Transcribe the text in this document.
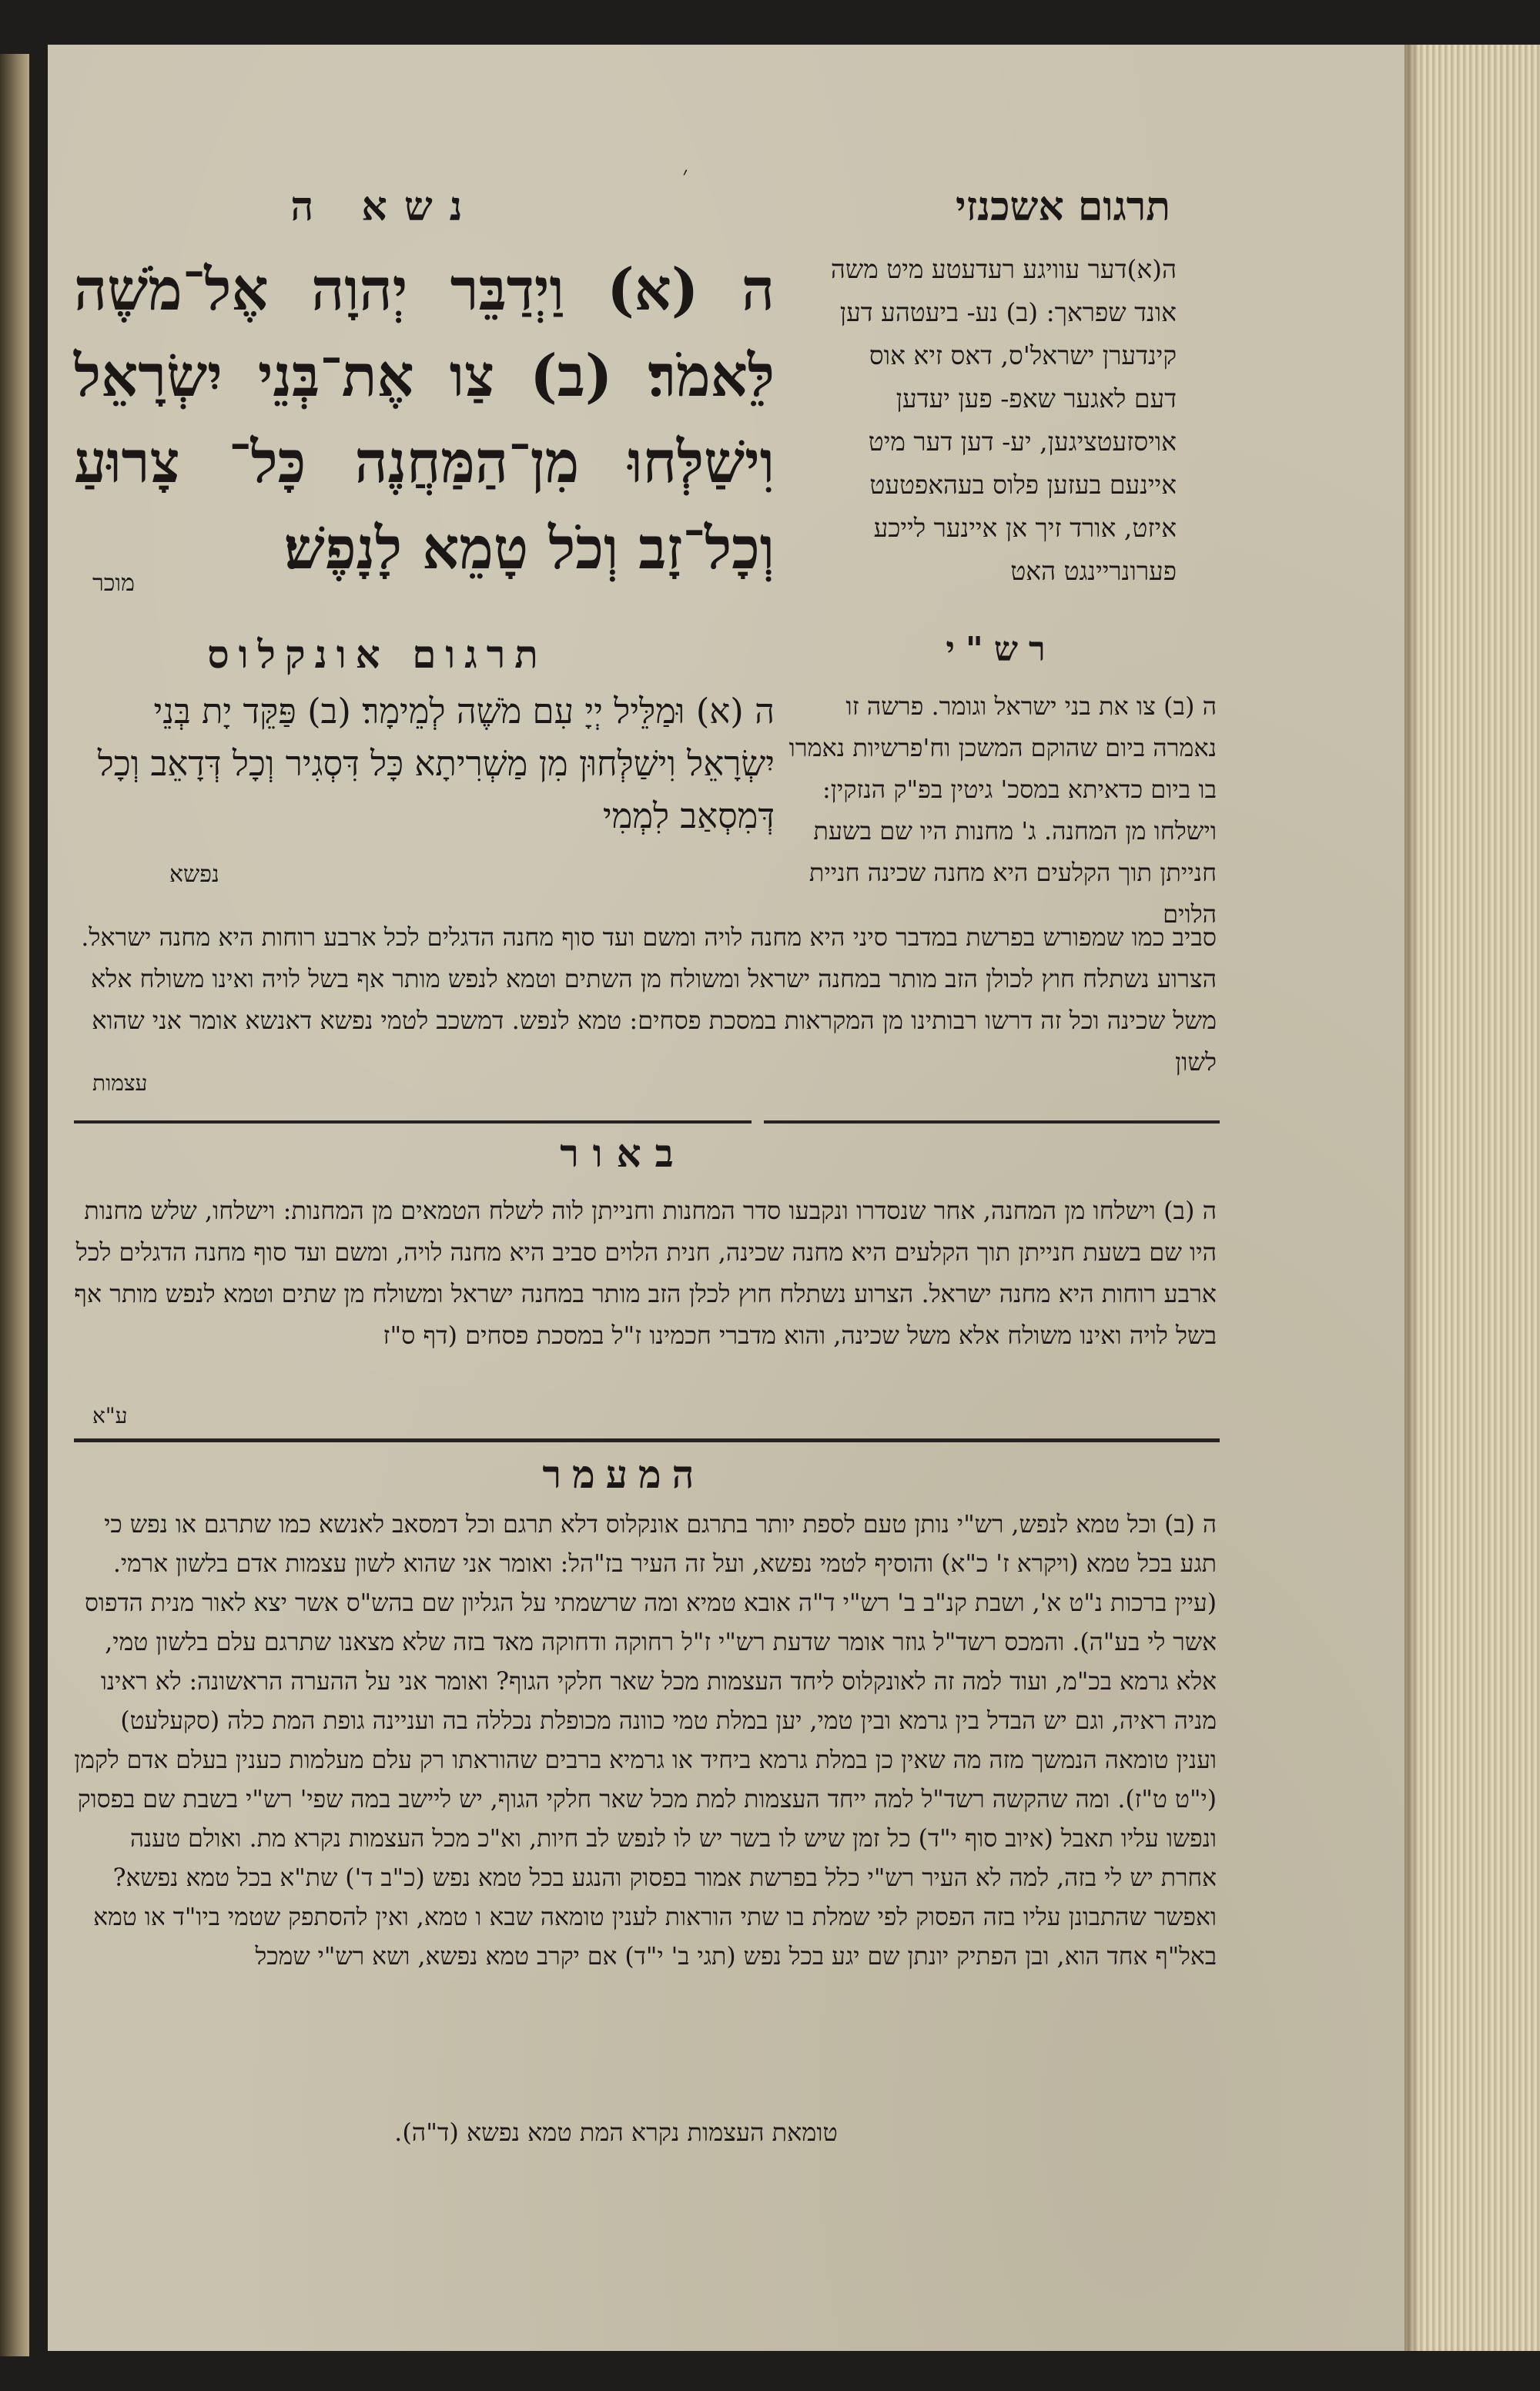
תרגום אשכנזי
נשא ה
׳
ה(א)דער עוויגע רעדעטע מיט משה אונד שפראך: (ב) נע- ביעטהע דען קינדערן ישראל'ס, דאס זיא אוס דעם לאגער שאפ- פען יעדען אויסזעטציגען, יע- דען דער מיט איינעם בעזען פלוס בעהאפטעט איזט, אורד זיך אן איינער לייכע פערונריינגט האט
ה (א) וַיְדַבֵּר יְהוָה אֶל־מֹשֶׁה לֵּאמֹר׃ (ב) צַו אֶת־בְּנֵי יִשְׂרָאֵל וִישַׁלְּחוּ מִן־הַמַּחֲנֶה כָּל־ צָרוּעַ וְכָל־זָב וְכֹל טָמֵא לָנָפֶשׁ׃
מוכר
תרגום אונקלוס
ה (א) וּמַלֵּיל יְיָ עִם מֹשֶׁה לְמֵימָר׃ (ב) פַּקֵּד יָת בְּנֵי יִשְׂרָאֵל וִישַׁלְּחוּן מִן מַשְׁרִיתָא כָּל דִּסְגִיר וְכָל דְּדָאֵב וְכָל דְּמִסְאַב לִמְמִי
נפשא
רש"י
ה (ב) צו את בני ישראל וגומר. פרשה זו נאמרה ביום שהוקם המשכן וח'פרשיות נאמרו בו ביום כדאיתא במסכ' גיטין בפ"ק הנזקין: וישלחו מן המחנה. ג' מחנות היו שם בשעת חנייתן תוך הקלעים היא מחנה שכינה חניית הלוים
סביב כמו שמפורש בפרשת במדבר סיני היא מחנה לויה ומשם ועד סוף מחנה הדגלים לכל ארבע רוחות היא מחנה ישראל. הצרוע נשתלח חוץ לכולן הזב מותר במחנה ישראל ומשולח מן השתים וטמא לנפש מותר אף בשל לויה ואינו משולח אלא משל שכינה וכל זה דרשו רבותינו מן המקראות במסכת פסחים: טמא לנפש. דמשכב לטמי נפשא דאנשא אומר אני שהוא לשון
עצמות
באור
ה (ב) וישלחו מן המחנה, אחר שנסדרו ונקבעו סדר המחנות וחנייתן לוה לשלח הטמאים מן המחנות: וישלחו, שלש מחנות היו שם בשעת חנייתן תוך הקלעים היא מחנה שכינה, חנית הלוים סביב היא מחנה לויה, ומשם ועד סוף מחנה הדגלים לכל ארבע רוחות היא מחנה ישראל. הצרוע נשתלח חוץ לכלן הזב מותר במחנה ישראל ומשולח מן שתים וטמא לנפש מותר אף בשל לויה ואינו משולח אלא משל שכינה, והוא מדברי חכמינו ז"ל במסכת פסחים (דף ס"ז
ע"א
המעמר
ה (ב) וכל טמא לנפש, רש"י נותן טעם לספת יותר בתרגם אונקלוס דלא תרגם וכל דמסאב לאנשא כמו שתרגם או נפש כי תגע בכל טמא (ויקרא ז' כ"א) והוסיף לטמי נפשא, ועל זה העיר בז"הל: ואומר אני שהוא לשון עצמות אדם בלשון ארמי. (עיין ברכות נ"ט א', ושבת קנ"ב ב' רש"י ד"ה אובא טמיא ומה שרשמתי על הגליון שם בהש"ס אשר יצא לאור מנית הדפוס אשר לי בע"ה). והמכס רשד"ל גוזר אומר שדעת רש"י ז"ל רחוקה ודחוקה מאד בזה שלא מצאנו שתרגם עלם בלשון טמי, אלא גרמא בכ"מ, ועוד למה זה לאונקלוס ליחד העצמות מכל שאר חלקי הגוף? ואומר אני על ההערה הראשונה: לא ראינו מניה ראיה, וגם יש הבדל בין גרמא ובין טמי, יען במלת טמי כוונה מכופלת נכללה בה ועניינה גופת המת כלה (סקעלעט) וענין טומאה הנמשך מזה מה שאין כן במלת גרמא ביחיד או גרמיא ברבים שהוראתו רק עלם מעלמות כענין בעלם אדם לקמן (י"ט ט"ז). ומה שהקשה רשד"ל למה ייחד העצמות למת מכל שאר חלקי הגוף, יש ליישב במה שפי' רש"י בשבת שם בפסוק ונפשו עליו תאבל (איוב סוף י"ד) כל זמן שיש לו בשר יש לו לנפש לב חיות, וא"כ מכל העצמות נקרא מת. ואולם טענה אחרת יש לי בזה, למה לא העיר רש"י כלל בפרשת אמור בפסוק והנגע בכל טמא נפש (כ"ב ד') שת"א בכל טמא נפשא? ואפשר שהתבונן עליו בזה הפסוק לפי שמלת בו שתי הוראות לענין טומאה שבא ו טמא, ואין להסתפק שטמי ביו"ד או טמא באל"ף אחד הוא, ובן הפתיק יונתן שם יגע בכל נפש (תגי ב' י"ד) אם יקרב טמא נפשא, ושא רש"י שמכל
טומאת העצמות נקרא המת טמא נפשא (ד"ה).
